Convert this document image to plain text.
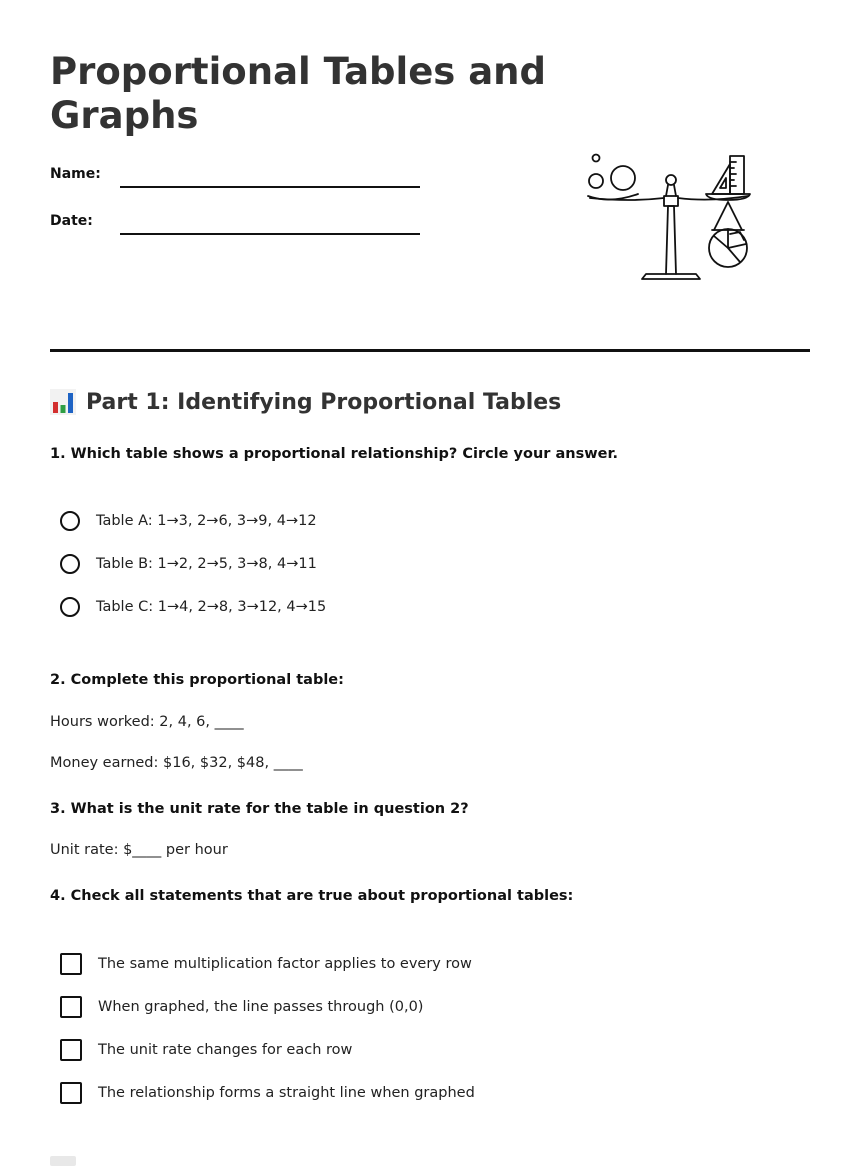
Proportional Tables and Graphs
Name:
Date:
Part 1: Identifying Proportional Tables
1. Which table shows a proportional relationship? Circle your answer.
Table A: 1→3, 2→6, 3→9, 4→12
Table B: 1→2, 2→5, 3→8, 4→11
Table C: 1→4, 2→8, 3→12, 4→15
2. Complete this proportional table:
Hours worked: 2, 4, 6, ____
Money earned: $16, $32, $48, ____
3. What is the unit rate for the table in question 2?
Unit rate: $____ per hour
4. Check all statements that are true about proportional tables:
The same multiplication factor applies to every row
When graphed, the line passes through (0,0)
The unit rate changes for each row
The relationship forms a straight line when graphed
